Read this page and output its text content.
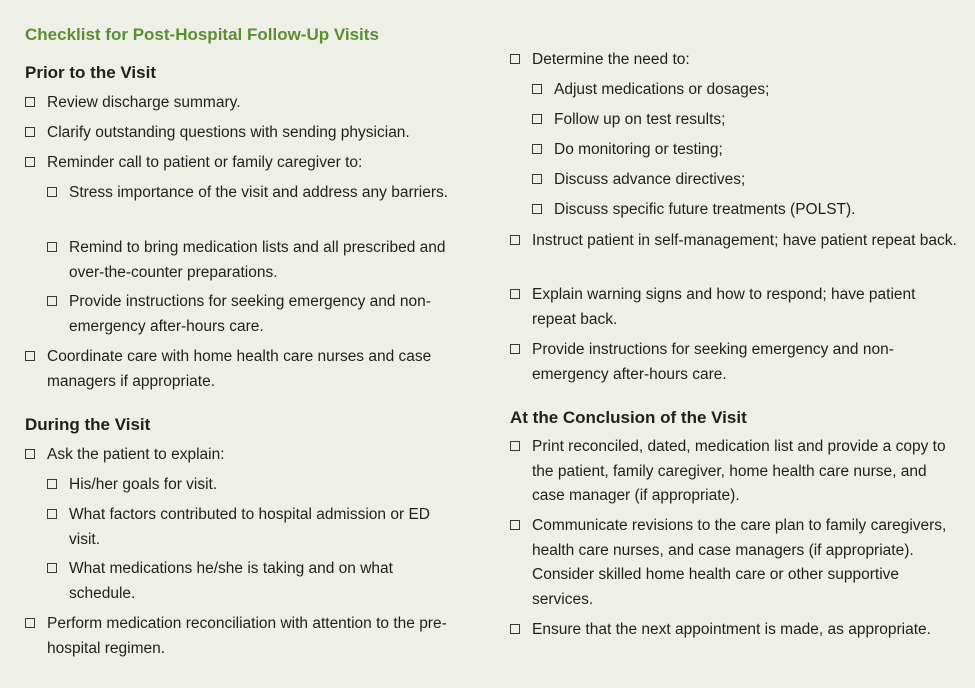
Checklist for Post-Hospital Follow-Up Visits
Prior to the Visit
Review discharge summary.
Clarify outstanding questions with sending physician.
Reminder call to patient or family caregiver to:
Stress importance of the visit and address any barriers.
Remind to bring medication lists and all prescribed and over-the-counter preparations.
Provide instructions for seeking emergency and non-emergency after-hours care.
Coordinate care with home health care nurses and case managers if appropriate.
During the Visit
Ask the patient to explain:
His/her goals for visit.
What factors contributed to hospital admission or ED visit.
What medications he/she is taking and on what schedule.
Perform medication reconciliation with attention to the pre-hospital regimen.
Determine the need to:
Adjust medications or dosages;
Follow up on test results;
Do monitoring or testing;
Discuss advance directives;
Discuss specific future treatments (POLST).
Instruct patient in self-management; have patient repeat back.
Explain warning signs and how to respond; have patient repeat back.
Provide instructions for seeking emergency and non-emergency after-hours care.
At the Conclusion of the Visit
Print reconciled, dated, medication list and provide a copy to the patient, family caregiver, home health care nurse, and case manager (if appropriate).
Communicate revisions to the care plan to family caregivers, health care nurses, and case managers (if appropriate). Consider skilled home health care or other supportive services.
Ensure that the next appointment is made, as appropriate.
